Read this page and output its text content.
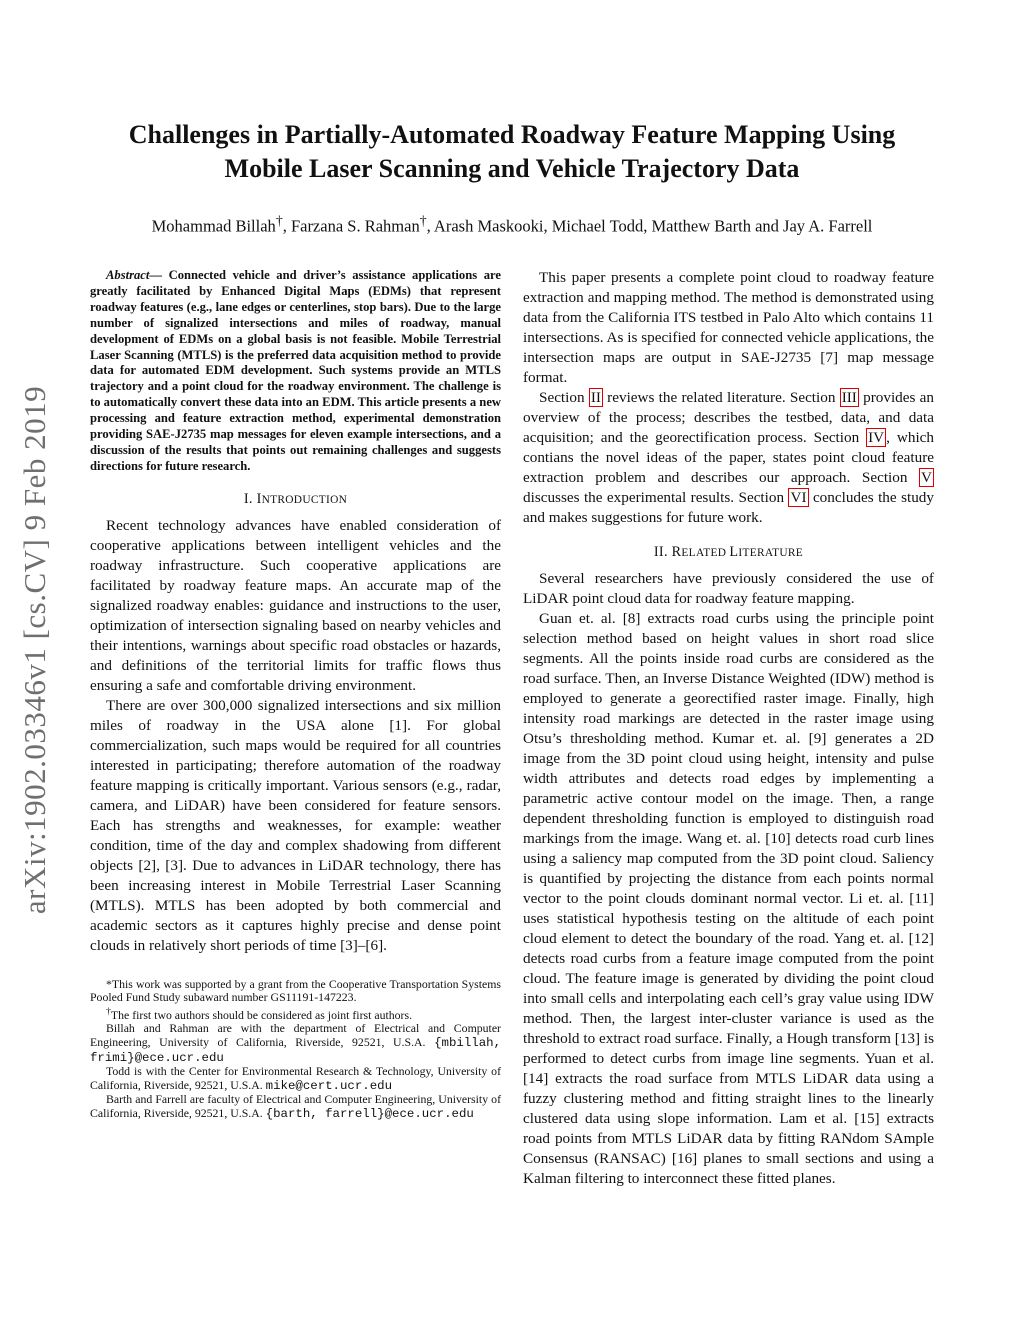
arXiv:1902.03346v1 [cs.CV] 9 Feb 2019
Challenges in Partially-Automated Roadway Feature Mapping Using
Mobile Laser Scanning and Vehicle Trajectory Data
Mohammad Billah†, Farzana S. Rahman†, Arash Maskooki, Michael Todd, Matthew Barth and Jay A. Farrell

Abstract— Connected vehicle and driver’s assistance applications are greatly facilitated by Enhanced Digital Maps (EDMs) that represent roadway features (e.g., lane edges or centerlines, stop bars). Due to the large number of signalized intersections and miles of roadway, manual development of EDMs on a global basis is not feasible. Mobile Terrestrial Laser Scanning (MTLS) is the preferred data acquisition method to provide data for automated EDM development. Such systems provide an MTLS trajectory and a point cloud for the roadway environment. The challenge is to automatically convert these data into an EDM. This article presents a new processing and feature extraction method, experimental demonstration providing SAE-J2735 map messages for eleven example intersections, and a discussion of the results that points out remaining challenges and suggests directions for future research.

I. INTRODUCTION

Recent technology advances have enabled consideration of cooperative applications between intelligent vehicles and the roadway infrastructure. Such cooperative applications are facilitated by roadway feature maps. An accurate map of the signalized roadway enables: guidance and instructions to the user, optimization of intersection signaling based on nearby vehicles and their intentions, warnings about specific road obstacles or hazards, and definitions of the territorial limits for traffic flows thus ensuring a safe and comfortable driving environment.

There are over 300,000 signalized intersections and six million miles of roadway in the USA alone [1]. For global commercialization, such maps would be required for all countries interested in participating; therefore automation of the roadway feature mapping is critically important. Various sensors (e.g., radar, camera, and LiDAR) have been considered for feature sensors. Each has strengths and weaknesses, for example: weather condition, time of the day and complex shadowing from different objects [2], [3]. Due to advances in LiDAR technology, there has been increasing interest in Mobile Terrestrial Laser Scanning (MTLS). MTLS has been adopted by both commercial and academic sectors as it captures highly precise and dense point clouds in relatively short periods of time [3]–[6].

*This work was supported by a grant from the Cooperative Transportation Systems Pooled Fund Study subaward number GS11191-147223.

†The first two authors should be considered as joint first authors.

Billah and Rahman are with the department of Electrical and Computer Engineering, University of California, Riverside, 92521, U.S.A. {mbillah, frimi}@ece.ucr.edu

Todd is with the Center for Environmental Research & Technology, University of California, Riverside, 92521, U.S.A. mike@cert.ucr.edu

Barth and Farrell are faculty of Electrical and Computer Engineering, University of California, Riverside, 92521, U.S.A. {barth, farrell}@ece.ucr.edu

This paper presents a complete point cloud to roadway feature extraction and mapping method. The method is demonstrated using data from the California ITS testbed in Palo Alto which contains 11 intersections. As is specified for connected vehicle applications, the intersection maps are output in SAE-J2735 [7] map message format.

Section II reviews the related literature. Section III provides an overview of the process; describes the testbed, data, and data acquisition; and the georectification process. Section IV , which contians the novel ideas of the paper, states point cloud feature extraction problem and describes our approach. Section V discusses the experimental results. Section VI concludes the study and makes suggestions for future work.

II. RELATED LITERATURE

Several researchers have previously considered the use of LiDAR point cloud data for roadway feature mapping.

Guan et. al. [8] extracts road curbs using the principle point selection method based on height values in short road slice segments. All the points inside road curbs are considered as the road surface. Then, an Inverse Distance Weighted (IDW) method is employed to generate a georectified raster image. Finally, high intensity road markings are detected in the raster image using Otsu’s thresholding method. Kumar et. al. [9] generates a 2D image from the 3D point cloud using height, intensity and pulse width attributes and detects road edges by implementing a parametric active contour model on the image. Then, a range dependent thresholding function is employed to distinguish road markings from the image. Wang et. al. [10] detects road curb lines using a saliency map computed from the 3D point cloud. Saliency is quantified by projecting the distance from each points normal vector to the point clouds dominant normal vector. Li et. al. [11] uses statistical hypothesis testing on the altitude of each point cloud element to detect the boundary of the road. Yang et. al. [12] detects road curbs from a feature image computed from the point cloud. The feature image is generated by dividing the point cloud into small cells and interpolating each cell’s gray value using IDW method. Then, the largest inter-cluster variance is used as the threshold to extract road surface. Finally, a Hough transform [13] is performed to detect curbs from image line segments. Yuan et al. [14] extracts the road surface from MTLS LiDAR data using a fuzzy clustering method and fitting straight lines to the linearly clustered data using slope information. Lam et al. [15] extracts road points from MTLS LiDAR data by fitting RANdom SAmple Consensus (RANSAC) [16] planes to small sections and using a Kalman filtering to interconnect these fitted planes.
